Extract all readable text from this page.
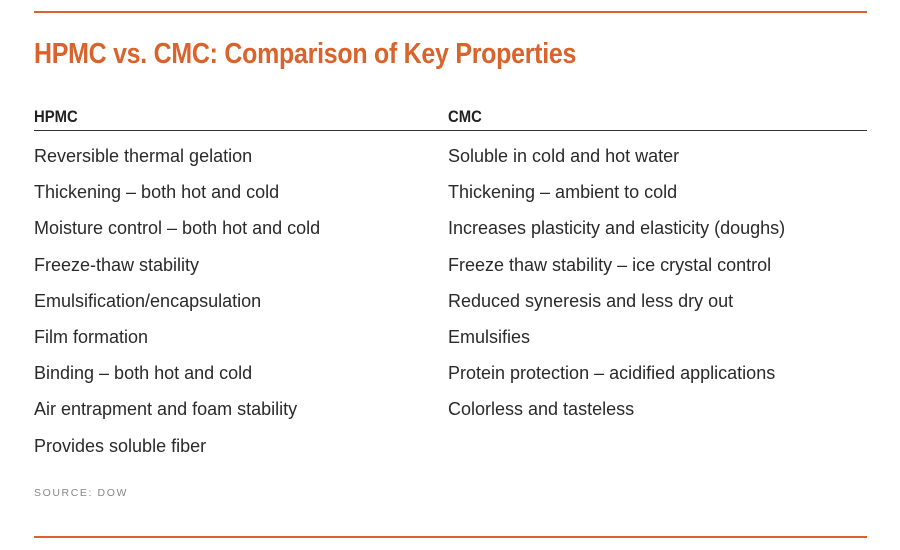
HPMC vs. CMC: Comparison of Key Properties
HPMC	CMC
Reversible thermal gelation
Thickening – both hot and cold
Moisture control – both hot and cold
Freeze-thaw stability
Emulsification/encapsulation
Film formation
Binding – both hot and cold
Air entrapment and foam stability
Provides soluble fiber
Soluble in cold and hot water
Thickening – ambient to cold
Increases plasticity and elasticity (doughs)
Freeze thaw stability – ice crystal control
Reduced syneresis and less dry out
Emulsifies
Protein protection – acidified applications
Colorless and tasteless
SOURCE: DOW
